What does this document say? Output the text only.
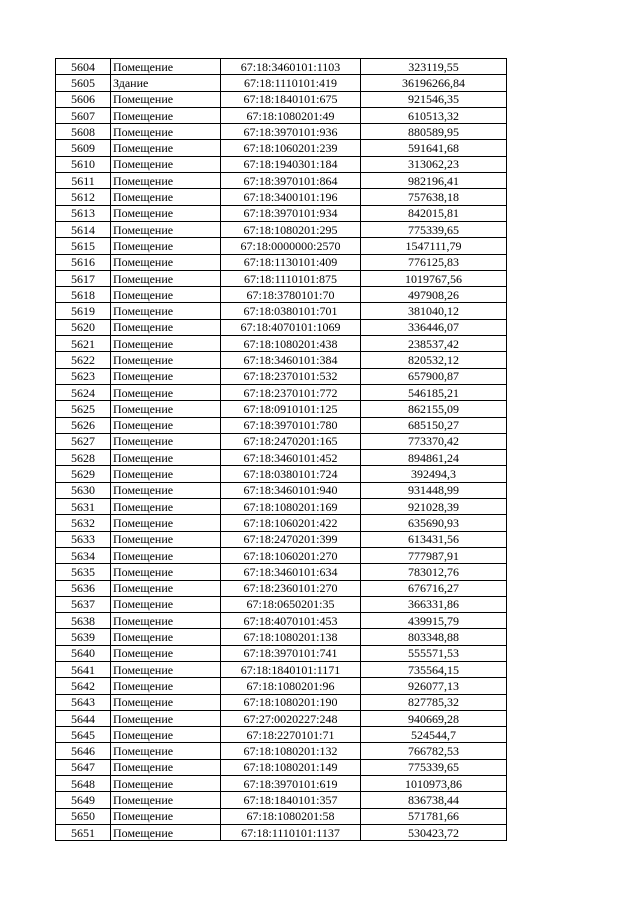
5604	Помещение	67:18:3460101:1103	323119,55
5605	Здание	67:18:1110101:419	36196266,84
5606	Помещение	67:18:1840101:675	921546,35
5607	Помещение	67:18:1080201:49	610513,32
5608	Помещение	67:18:3970101:936	880589,95
5609	Помещение	67:18:1060201:239	591641,68
5610	Помещение	67:18:1940301:184	313062,23
5611	Помещение	67:18:3970101:864	982196,41
5612	Помещение	67:18:3400101:196	757638,18
5613	Помещение	67:18:3970101:934	842015,81
5614	Помещение	67:18:1080201:295	775339,65
5615	Помещение	67:18:0000000:2570	1547111,79
5616	Помещение	67:18:1130101:409	776125,83
5617	Помещение	67:18:1110101:875	1019767,56
5618	Помещение	67:18:3780101:70	497908,26
5619	Помещение	67:18:0380101:701	381040,12
5620	Помещение	67:18:4070101:1069	336446,07
5621	Помещение	67:18:1080201:438	238537,42
5622	Помещение	67:18:3460101:384	820532,12
5623	Помещение	67:18:2370101:532	657900,87
5624	Помещение	67:18:2370101:772	546185,21
5625	Помещение	67:18:0910101:125	862155,09
5626	Помещение	67:18:3970101:780	685150,27
5627	Помещение	67:18:2470201:165	773370,42
5628	Помещение	67:18:3460101:452	894861,24
5629	Помещение	67:18:0380101:724	392494,3
5630	Помещение	67:18:3460101:940	931448,99
5631	Помещение	67:18:1080201:169	921028,39
5632	Помещение	67:18:1060201:422	635690,93
5633	Помещение	67:18:2470201:399	613431,56
5634	Помещение	67:18:1060201:270	777987,91
5635	Помещение	67:18:3460101:634	783012,76
5636	Помещение	67:18:2360101:270	676716,27
5637	Помещение	67:18:0650201:35	366331,86
5638	Помещение	67:18:4070101:453	439915,79
5639	Помещение	67:18:1080201:138	803348,88
5640	Помещение	67:18:3970101:741	555571,53
5641	Помещение	67:18:1840101:1171	735564,15
5642	Помещение	67:18:1080201:96	926077,13
5643	Помещение	67:18:1080201:190	827785,32
5644	Помещение	67:27:0020227:248	940669,28
5645	Помещение	67:18:2270101:71	524544,7
5646	Помещение	67:18:1080201:132	766782,53
5647	Помещение	67:18:1080201:149	775339,65
5648	Помещение	67:18:3970101:619	1010973,86
5649	Помещение	67:18:1840101:357	836738,44
5650	Помещение	67:18:1080201:58	571781,66
5651	Помещение	67:18:1110101:1137	530423,72
